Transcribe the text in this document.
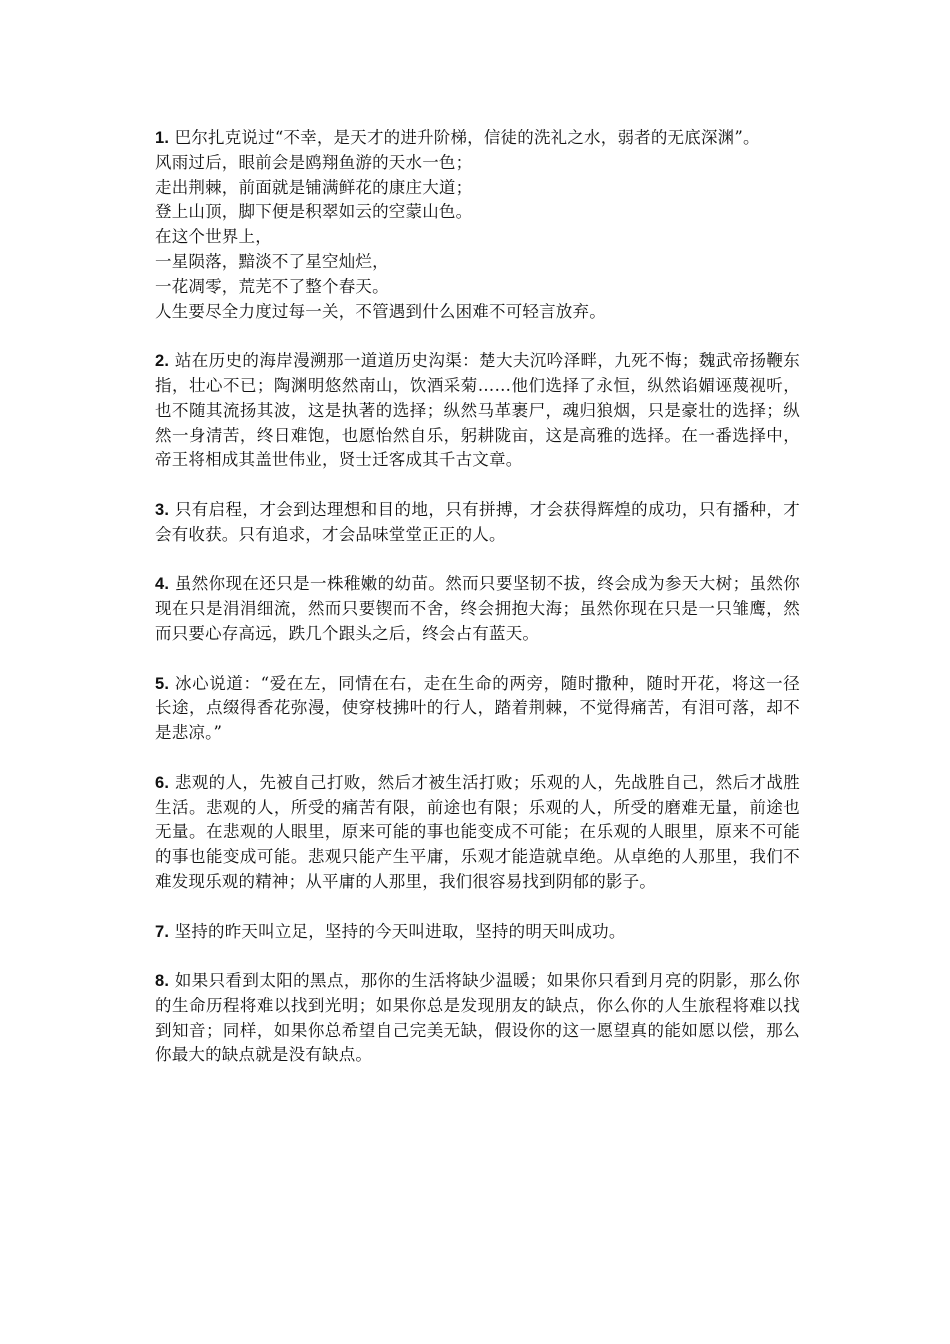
1. 巴尔扎克说过“不幸，是天才的进升阶梯，信徒的洗礼之水，弱者的无底深渊”。
风雨过后，眼前会是鸥翔鱼游的天水一色；
走出荆棘，前面就是铺满鲜花的康庄大道；
登上山顶，脚下便是积翠如云的空蒙山色。
在这个世界上，
一星陨落，黯淡不了星空灿烂，
一花凋零，荒芜不了整个春天。
人生要尽全力度过每一关，不管遇到什么困难不可轻言放弃。

2. 站在历史的海岸漫溯那一道道历史沟渠：楚大夫沉吟泽畔，九死不悔；魏武帝扬鞭东指，壮心不已；陶渊明悠然南山，饮酒采菊……他们选择了永恒，纵然谄媚诬蔑视听，也不随其流扬其波，这是执著的选择；纵然马革裹尸，魂归狼烟，只是豪壮的选择；纵然一身清苦，终日难饱，也愿怡然自乐，躬耕陇亩，这是高雅的选择。在一番选择中，帝王将相成其盖世伟业，贤士迁客成其千古文章。

3. 只有启程，才会到达理想和目的地，只有拼搏，才会获得辉煌的成功，只有播种，才会有收获。只有追求，才会品味堂堂正正的人。

4. 虽然你现在还只是一株稚嫩的幼苗。然而只要坚韧不拔，终会成为参天大树；虽然你现在只是涓涓细流，然而只要锲而不舍，终会拥抱大海；虽然你现在只是一只雏鹰，然而只要心存高远，跌几个跟头之后，终会占有蓝天。

5. 冰心说道：“爱在左，同情在右，走在生命的两旁，随时撒种，随时开花，将这一径长途，点缀得香花弥漫，使穿枝拂叶的行人，踏着荆棘，不觉得痛苦，有泪可落，却不是悲凉。”

6. 悲观的人，先被自己打败，然后才被生活打败；乐观的人，先战胜自己，然后才战胜生活。悲观的人，所受的痛苦有限，前途也有限；乐观的人，所受的磨难无量，前途也无量。在悲观的人眼里，原来可能的事也能变成不可能；在乐观的人眼里，原来不可能的事也能变成可能。悲观只能产生平庸，乐观才能造就卓绝。从卓绝的人那里，我们不难发现乐观的精神；从平庸的人那里，我们很容易找到阴郁的影子。

7. 坚持的昨天叫立足，坚持的今天叫进取，坚持的明天叫成功。

8. 如果只看到太阳的黑点，那你的生活将缺少温暖；如果你只看到月亮的阴影，那么你的生命历程将难以找到光明；如果你总是发现朋友的缺点，你么你的人生旅程将难以找到知音；同样，如果你总希望自己完美无缺，假设你的这一愿望真的能如愿以偿，那么你最大的缺点就是没有缺点。
